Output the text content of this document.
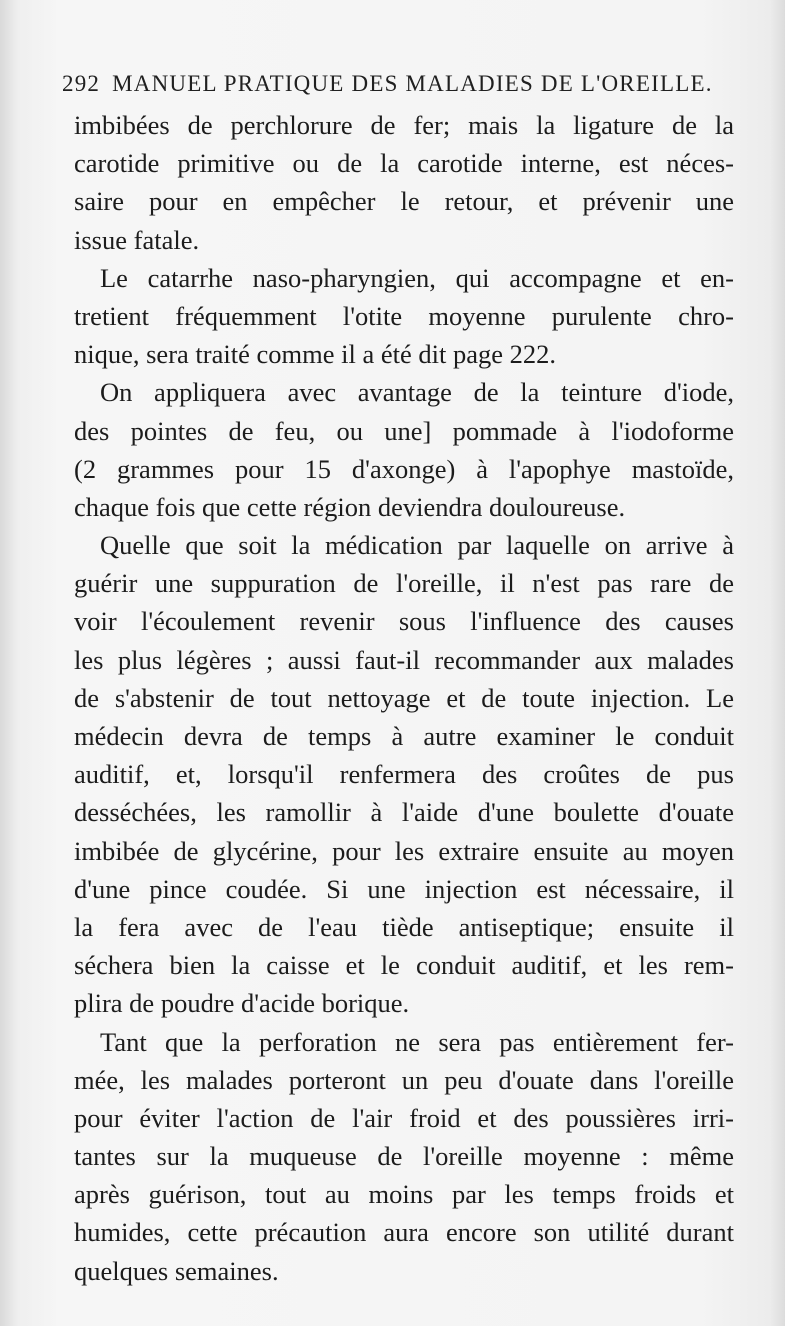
292 MANUEL PRATIQUE DES MALADIES DE L'OREILLE.
imbibées de perchlorure de fer; mais la ligature de la
carotide primitive ou de la carotide interne, est néces-
saire pour en empêcher le retour, et prévenir une
issue fatale.
Le catarrhe naso-pharyngien, qui accompagne et en-
tretient fréquemment l'otite moyenne purulente chro-
nique, sera traité comme il a été dit page 222.
On appliquera avec avantage de la teinture d'iode,
des pointes de feu, ou une] pommade à l'iodoforme
(2 grammes pour 15 d'axonge) à l'apophye mastoïde,
chaque fois que cette région deviendra douloureuse.
Quelle que soit la médication par laquelle on arrive à
guérir une suppuration de l'oreille, il n'est pas rare de
voir l'écoulement revenir sous l'influence des causes
les plus légères ; aussi faut-il recommander aux malades
de s'abstenir de tout nettoyage et de toute injection. Le
médecin devra de temps à autre examiner le conduit
auditif, et, lorsqu'il renfermera des croûtes de pus
desséchées, les ramollir à l'aide d'une boulette d'ouate
imbibée de glycérine, pour les extraire ensuite au moyen
d'une pince coudée. Si une injection est nécessaire, il
la fera avec de l'eau tiède antiseptique; ensuite il
séchera bien la caisse et le conduit auditif, et les rem-
plira de poudre d'acide borique.
Tant que la perforation ne sera pas entièrement fer-
mée, les malades porteront un peu d'ouate dans l'oreille
pour éviter l'action de l'air froid et des poussières irri-
tantes sur la muqueuse de l'oreille moyenne : même
après guérison, tout au moins par les temps froids et
humides, cette précaution aura encore son utilité durant
quelques semaines.
